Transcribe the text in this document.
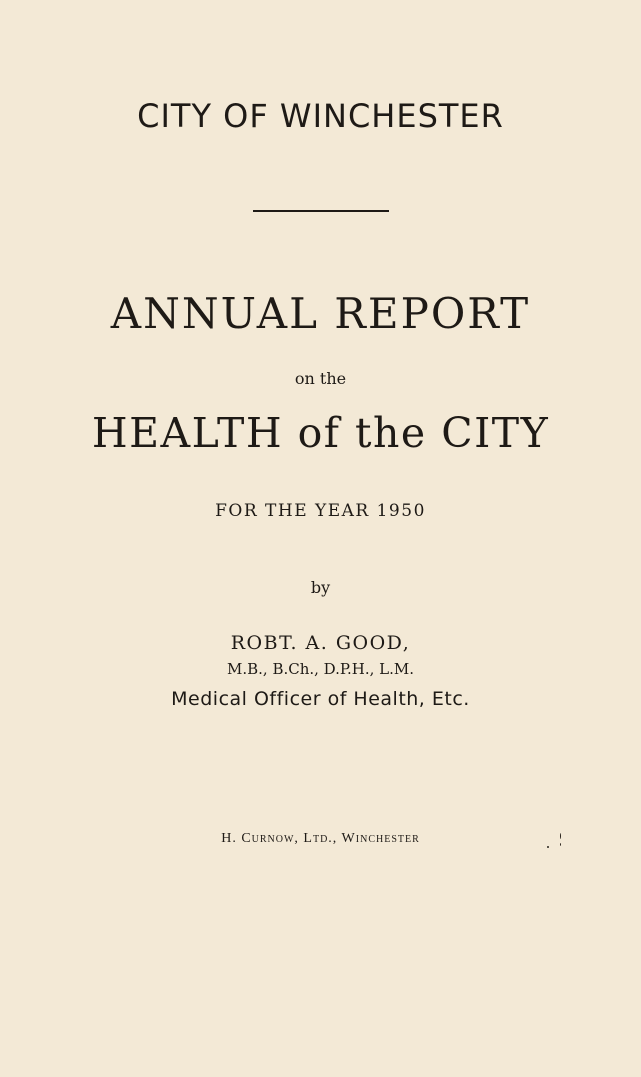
CITY OF WINCHESTER
ANNUAL REPORT
on the
HEALTH of the CITY
FOR THE YEAR 1950
by
ROBT. A. GOOD,
M.B., B.Ch., D.P.H., L.M.
Medical Officer of Health, Etc.
H. Curnow, Ltd., Winchester
